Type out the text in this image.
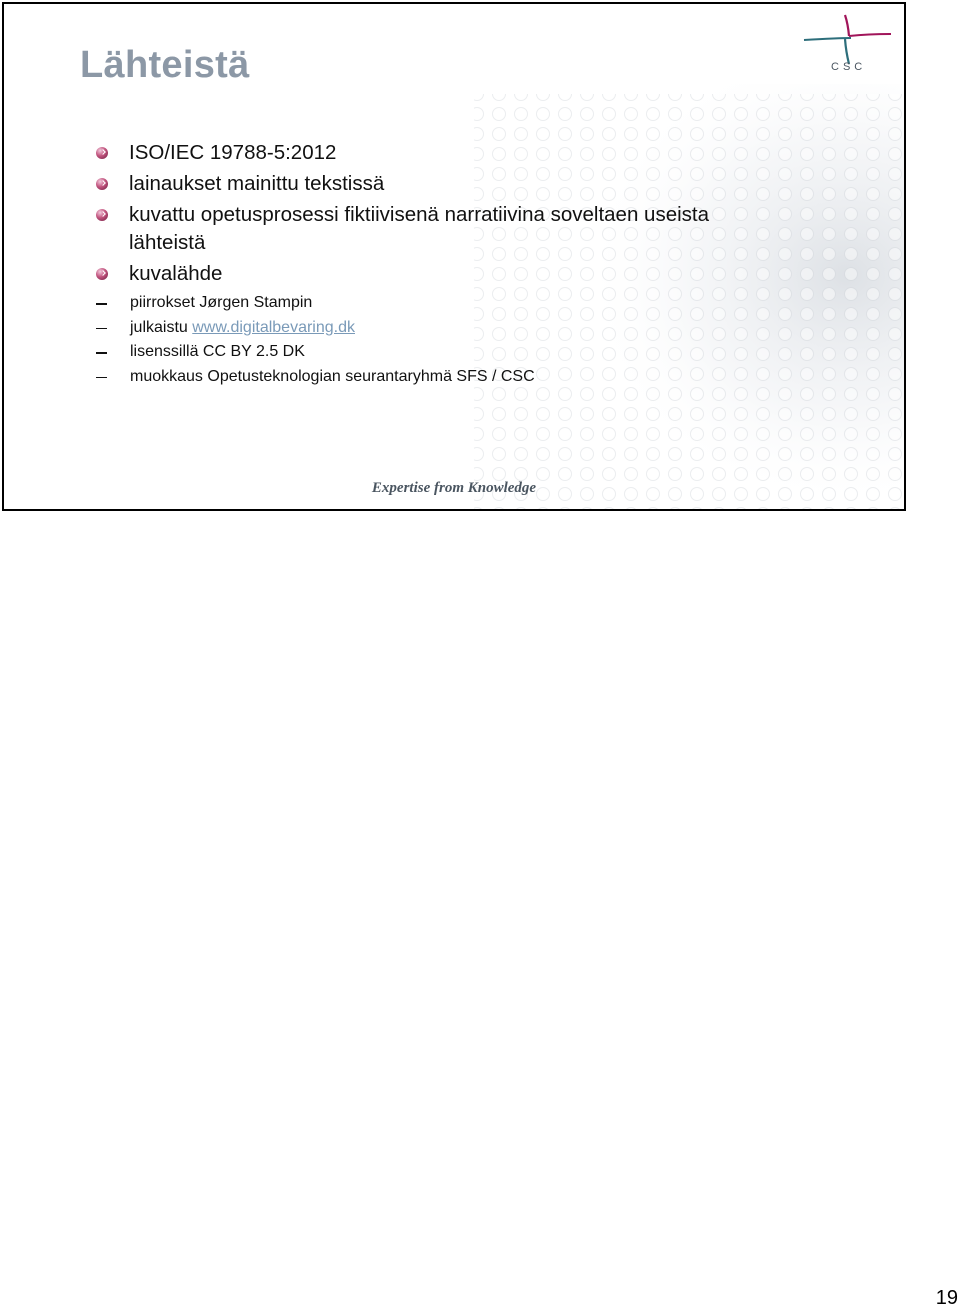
Lähteistä	CSC
ISO/IEC 19788-5:2012
lainaukset mainittu tekstissä
kuvattu opetusprosessi fiktiivisenä narratiivina soveltaen useista lähteistä
kuvalähde
piirrokset Jørgen Stampin
julkaistu www.digitalbevaring.dk
lisenssillä CC BY 2.5 DK
muokkaus Opetusteknologian seurantaryhmä SFS / CSC
Expertise from Knowledge
19
